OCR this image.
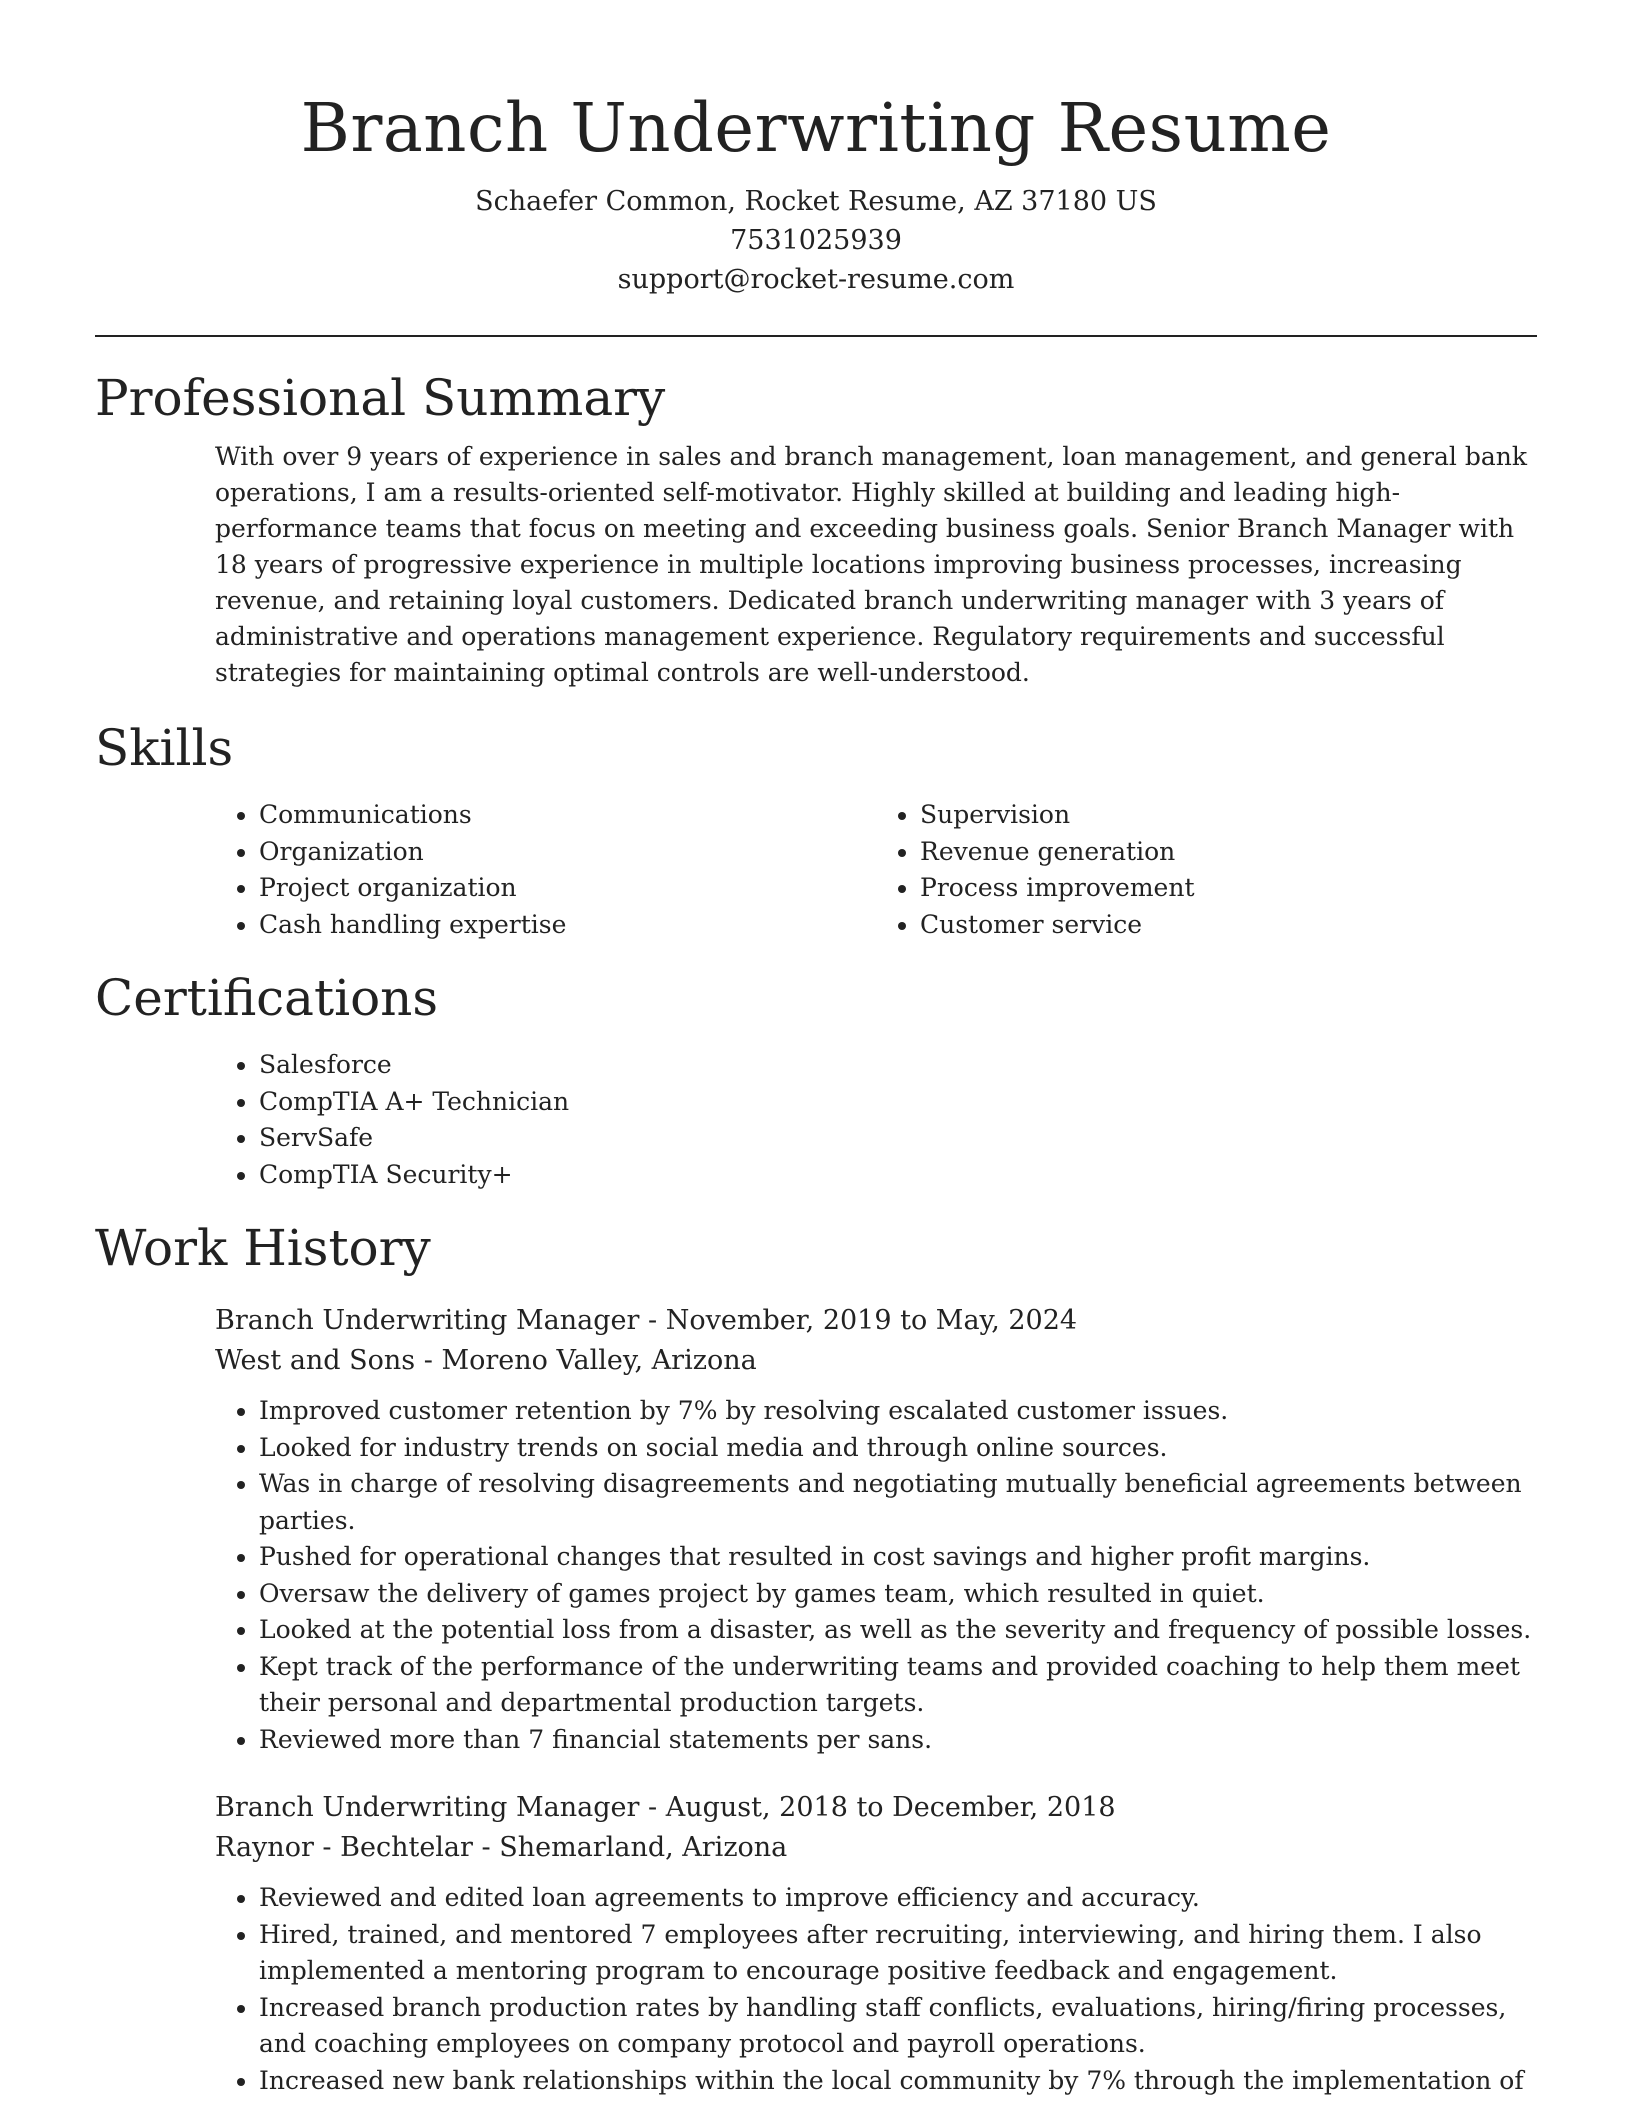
Branch Underwriting Resume

Schaefer Common, Rocket Resume, AZ 37180 US

7531025939

support@rocket-resume.com

Professional Summary

With over 9 years of experience in sales and branch management, loan management, and general bank operations, I am a results-oriented self-motivator. Highly skilled at building and leading high-performance teams that focus on meeting and exceeding business goals. Senior Branch Manager with 18 years of progressive experience in multiple locations improving business processes, increasing revenue, and retaining loyal customers. Dedicated branch underwriting manager with 3 years of administrative and operations management experience. Regulatory requirements and successful strategies for maintaining optimal controls are well-understood.

Skills
• Communications
• Organization
• Project organization
• Cash handling expertise
• Supervision
• Revenue generation
• Process improvement
• Customer service
Certifications
• Salesforce
• CompTIA A+ Technician
• ServSafe
• CompTIA Security+
Work History

Branch Underwriting Manager - November, 2019 to May, 2024

West and Sons - Moreno Valley, Arizona

• Improved customer retention by 7% by resolving escalated customer issues.
• Looked for industry trends on social media and through online sources.
• Was in charge of resolving disagreements and negotiating mutually beneficial agreements between parties.
• Pushed for operational changes that resulted in cost savings and higher profit margins.
• Oversaw the delivery of games project by games team, which resulted in quiet.
• Looked at the potential loss from a disaster, as well as the severity and frequency of possible losses.
• Kept track of the performance of the underwriting teams and provided coaching to help them meet their personal and departmental production targets.
• Reviewed more than 7 financial statements per sans.

Branch Underwriting Manager - August, 2018 to December, 2018

Raynor - Bechtelar - Shemarland, Arizona

• Reviewed and edited loan agreements to improve efficiency and accuracy.
• Hired, trained, and mentored 7 employees after recruiting, interviewing, and hiring them. I also implemented a mentoring program to encourage positive feedback and engagement.
• Increased branch production rates by handling staff conflicts, evaluations, hiring/firing processes, and coaching employees on company protocol and payroll operations.
• Increased new bank relationships within the local community by 7% through the implementation of
